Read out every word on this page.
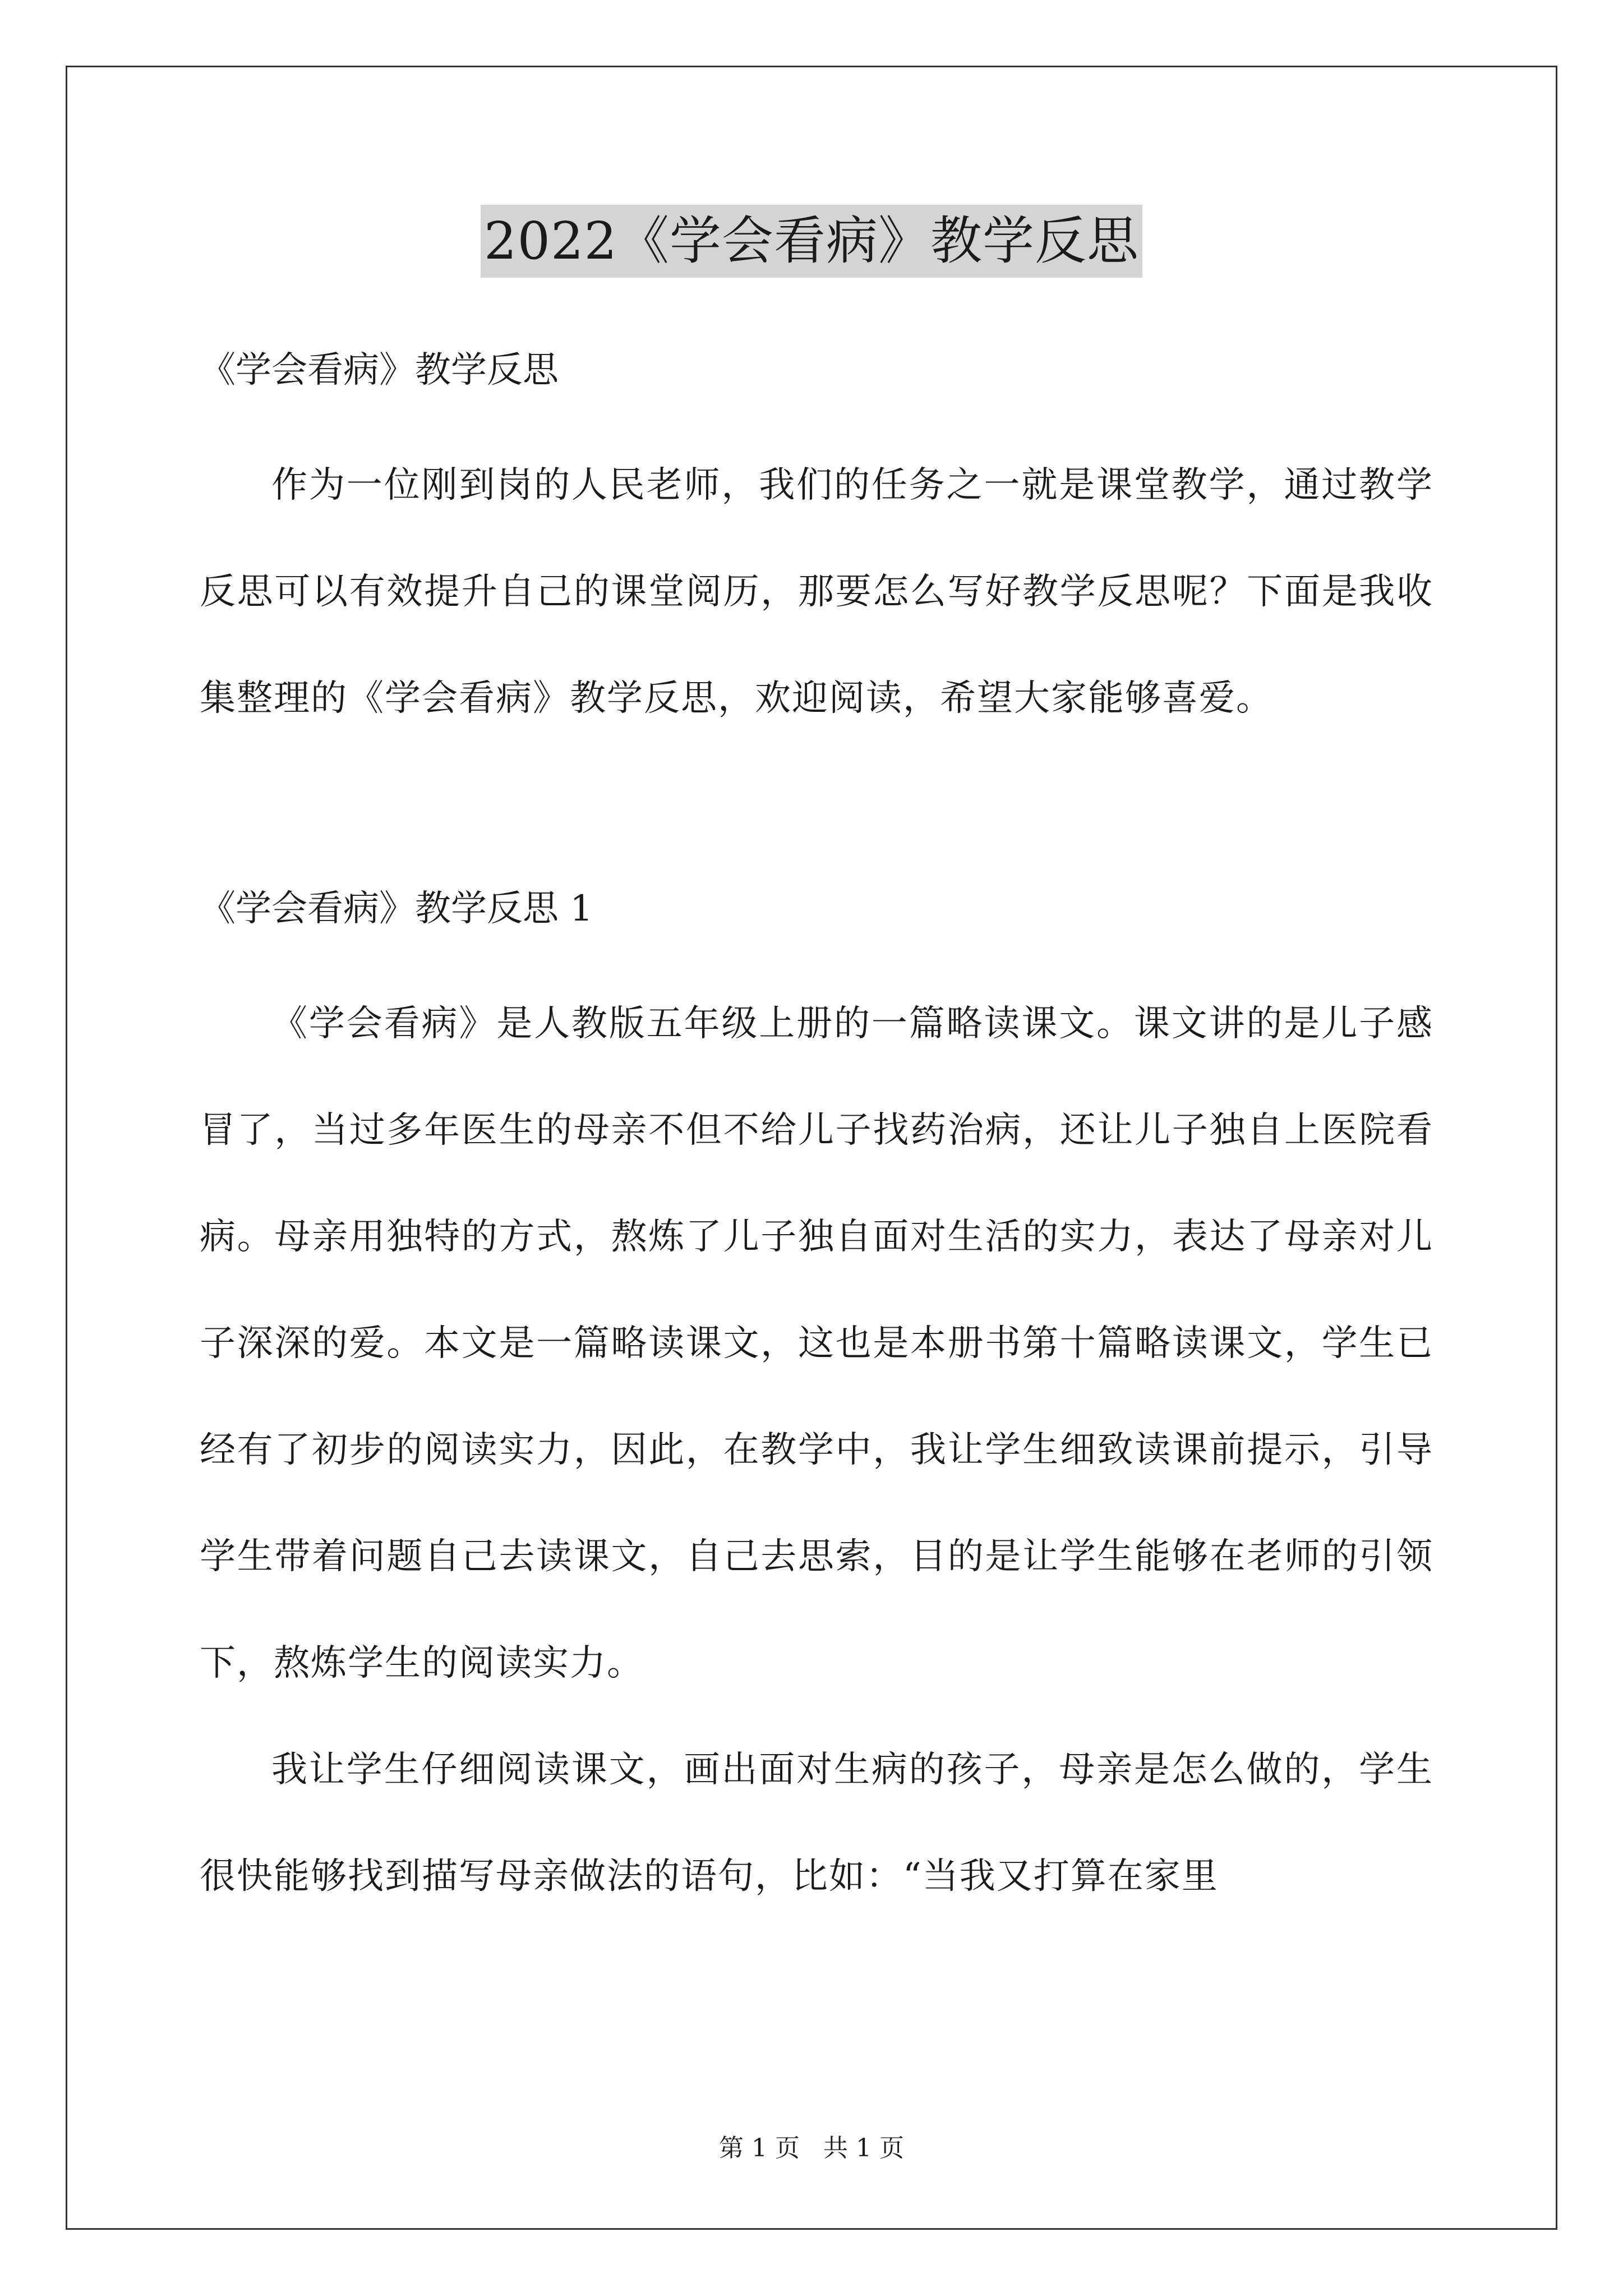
2022《学会看病》教学反思

《学会看病》教学反思

作为一位刚到岗的人民老师，我们的任务之一就是课堂教学，通过教学反思可以有效提升自己的课堂阅历，那要怎么写好教学反思呢？下面是我收集整理的《学会看病》教学反思，欢迎阅读，希望大家能够喜爱。

《学会看病》教学反思 1

《学会看病》是人教版五年级上册的一篇略读课文。课文讲的是儿子感冒了，当过多年医生的母亲不但不给儿子找药治病，还让儿子独自上医院看病。母亲用独特的方式，熬炼了儿子独自面对生活的实力，表达了母亲对儿子深深的爱。本文是一篇略读课文，这也是本册书第十篇略读课文，学生已经有了初步的阅读实力，因此，在教学中，我让学生细致读课前提示，引导学生带着问题自己去读课文，自己去思索，目的是让学生能够在老师的引领下，熬炼学生的阅读实力。

我让学生仔细阅读课文，画出面对生病的孩子，母亲是怎么做的，学生很快能够找到描写母亲做法的语句，比如：“当我又打算在家里

第 1 页 共 1 页
